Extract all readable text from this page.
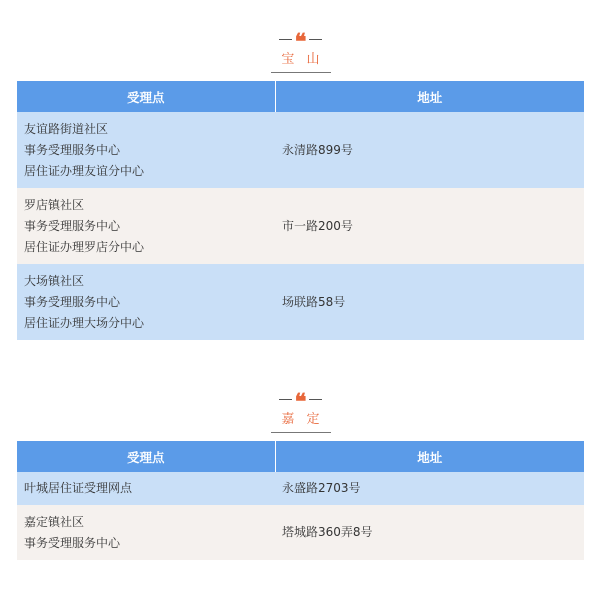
❝
宝 山
受理点	地址

友谊路街道社区
事务受理服务中心
居住证办理友谊分中心	永清路899号

罗店镇社区
事务受理服务中心
居住证办理罗店分中心	市一路200号

大场镇社区
事务受理服务中心
居住证办理大场分中心	场联路58号
❝
嘉 定
受理点	地址

叶城居住证受理网点	永盛路2703号

嘉定镇社区
事务受理服务中心	塔城路360弄8号
